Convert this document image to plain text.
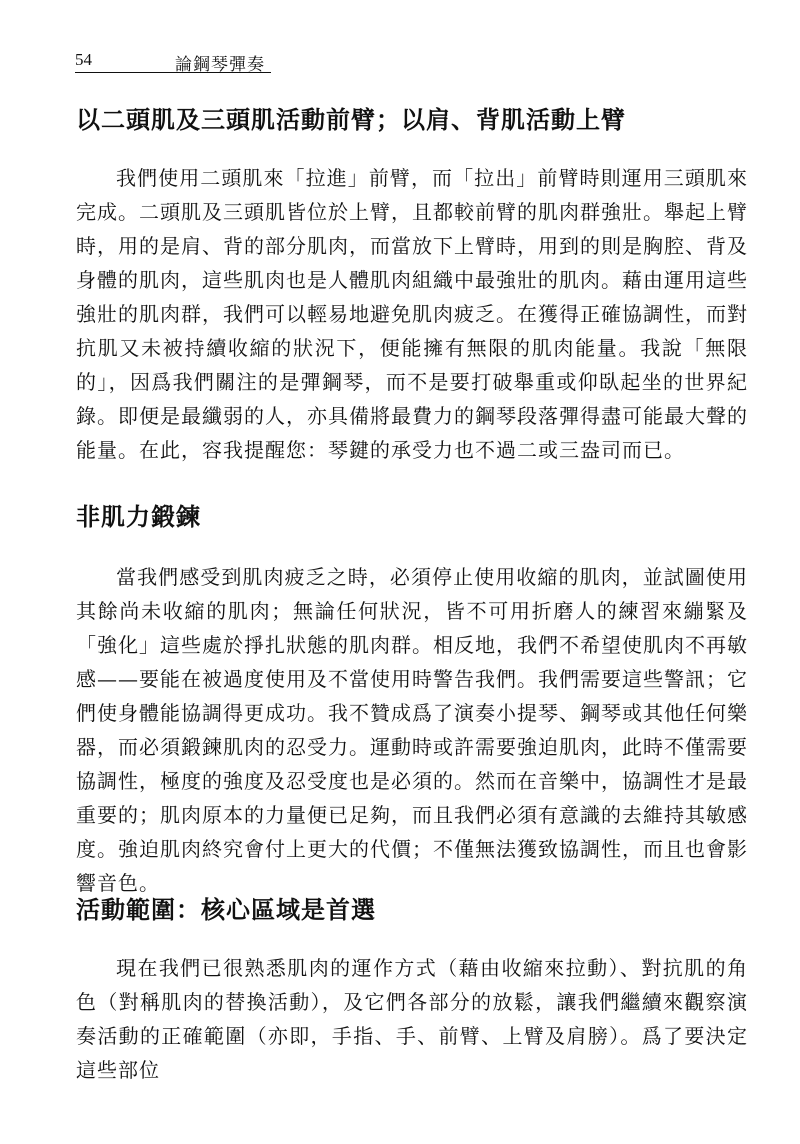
54	論鋼琴彈奏
以二頭肌及三頭肌活動前臂；以肩、背肌活動上臂

我們使用二頭肌來「拉進」前臂，而「拉出」前臂時則運用三頭肌來完成。二頭肌及三頭肌皆位於上臂，且都較前臂的肌肉群強壯。舉起上臂時，用的是肩、背的部分肌肉，而當放下上臂時，用到的則是胸腔、背及身體的肌肉，這些肌肉也是人體肌肉組織中最強壯的肌肉。藉由運用這些強壯的肌肉群，我們可以輕易地避免肌肉疲乏。在獲得正確協調性，而對抗肌又未被持續收縮的狀況下，便能擁有無限的肌肉能量。我說「無限的」，因爲我們關注的是彈鋼琴，而不是要打破舉重或仰臥起坐的世界紀錄。即便是最纖弱的人，亦具備將最費力的鋼琴段落彈得盡可能最大聲的能量。在此，容我提醒您：琴鍵的承受力也不過二或三盎司而已。

非肌力鍛鍊

當我們感受到肌肉疲乏之時，必須停止使用收縮的肌肉，並試圖使用其餘尚未收縮的肌肉；無論任何狀況，皆不可用折磨人的練習來繃緊及「強化」這些處於掙扎狀態的肌肉群。相反地，我們不希望使肌肉不再敏感——要能在被過度使用及不當使用時警告我們。我們需要這些警訊；它們使身體能協調得更成功。我不贊成爲了演奏小提琴、鋼琴或其他任何樂器，而必須鍛鍊肌肉的忍受力。運動時或許需要強迫肌肉，此時不僅需要協調性，極度的強度及忍受度也是必須的。然而在音樂中，協調性才是最重要的；肌肉原本的力量便已足夠，而且我們必須有意識的去維持其敏感度。強迫肌肉終究會付上更大的代價；不僅無法獲致協調性，而且也會影響音色。

活動範圍：核心區域是首選

現在我們已很熟悉肌肉的運作方式（藉由收縮來拉動）、對抗肌的角色（對稱肌肉的替換活動），及它們各部分的放鬆，讓我們繼續來觀察演奏活動的正確範圍（亦即，手指、手、前臂、上臂及肩膀）。爲了要決定這些部位
